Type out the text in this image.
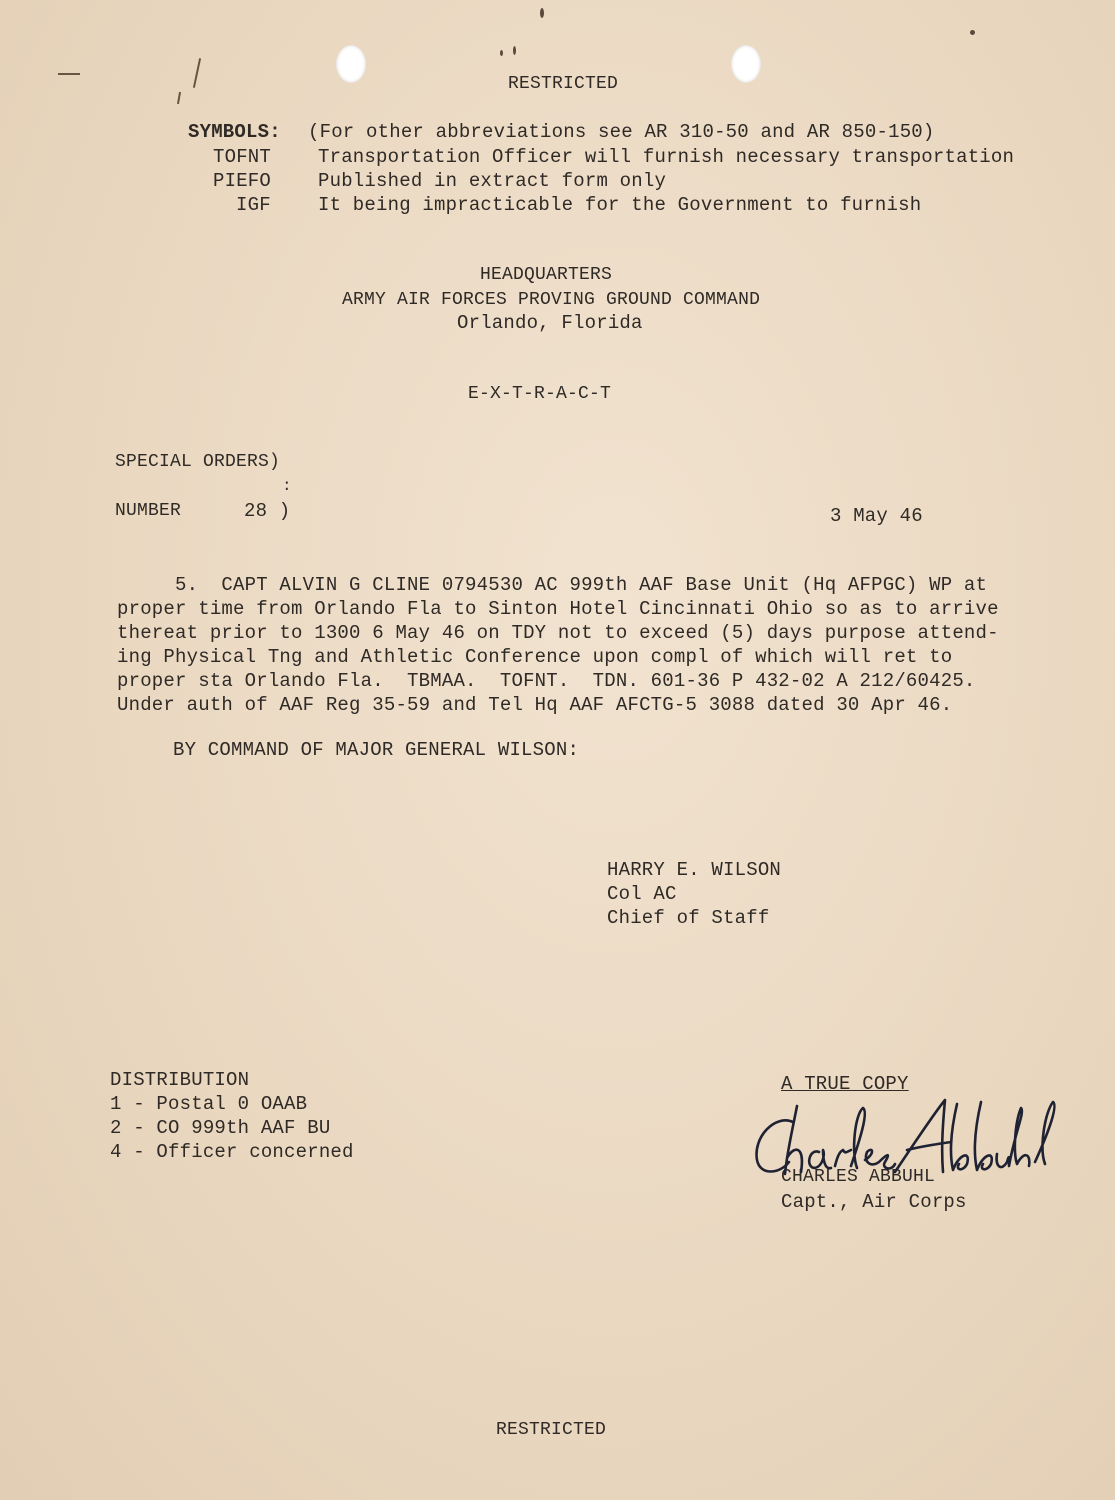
RESTRICTED
SYMBOLS: (For other abbreviations see AR 310-50 and AR 850-150)
TOFNT Transportation Officer will furnish necessary transportation
PIEFO Published in extract form only
IGF It being impracticable for the Government to furnish
HEADQUARTERS
ARMY AIR FORCES PROVING GROUND COMMAND
Orlando, Florida
E-X-T-R-A-C-T
SPECIAL ORDERS)
:
NUMBER	28 )	3 May 46
5.  CAPT ALVIN G CLINE 0794530 AC 999th AAF Base Unit (Hq AFPGC) WP at
proper time from Orlando Fla to Sinton Hotel Cincinnati Ohio so as to arrive
thereat prior to 1300 6 May 46 on TDY not to exceed (5) days purpose attend-
ing Physical Tng and Athletic Conference upon compl of which will ret to
proper sta Orlando Fla.  TBMAA.  TOFNT.  TDN. 601-36 P 432-02 A 212/60425.
Under auth of AAF Reg 35-59 and Tel Hq AAF AFCTG-5 3088 dated 30 Apr 46.
BY COMMAND OF MAJOR GENERAL WILSON:
HARRY E. WILSON
Col AC
Chief of Staff
DISTRIBUTION
1 - Postal 0 OAAB
2 - CO 999th AAF BU
4 - Officer concerned
A TRUE COPY
CHARLES ABBUHL
Capt., Air Corps
RESTRICTED
